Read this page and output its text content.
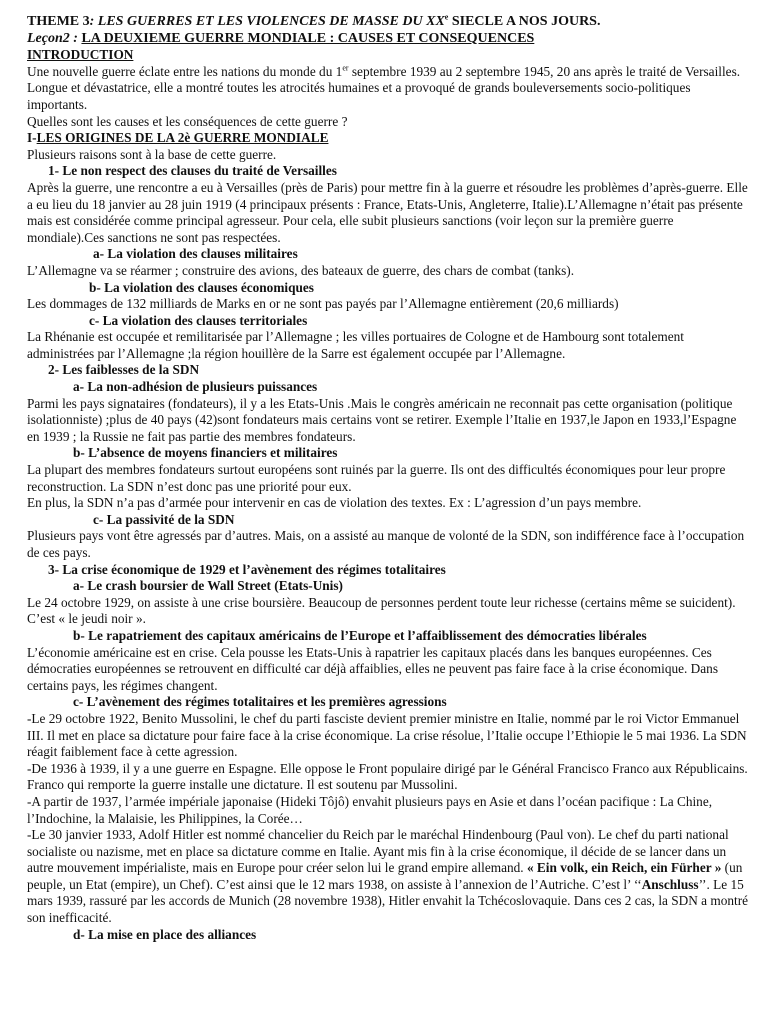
THEME 3: LES GUERRES ET LES VIOLENCES DE MASSE DU XXe SIECLE A NOS JOURS.

Leçon2 : LA DEUXIEME GUERRE MONDIALE : CAUSES ET CONSEQUENCES

INTRODUCTION

Une nouvelle guerre éclate entre les nations du monde du 1er septembre 1939 au 2 septembre 1945, 20 ans après le traité de Versailles. Longue et dévastatrice, elle a montré toutes les atrocités humaines et a provoqué de grands bouleversements socio-politiques importants.

Quelles sont les causes et les conséquences de cette guerre ?

I-LES ORIGINES DE LA 2è GUERRE MONDIALE

Plusieurs raisons sont à la base de cette guerre.

1- Le non respect des clauses du traité de Versailles

Après la guerre, une rencontre a eu à Versailles (près de Paris) pour mettre fin à la guerre et résoudre les problèmes d’après-guerre. Elle a eu lieu du 18 janvier au 28 juin 1919 (4 principaux présents : France, Etats-Unis, Angleterre, Italie).L’Allemagne n’était pas présente mais est considérée comme principal agresseur. Pour cela, elle subit plusieurs sanctions (voir leçon sur la première guerre mondiale).Ces sanctions ne sont pas respectées.

a- La violation des clauses militaires

L’Allemagne va se réarmer ; construire des avions, des bateaux de guerre, des chars de combat (tanks).

b- La violation des clauses économiques

Les dommages de 132 milliards de Marks en or ne sont pas payés par l’Allemagne entièrement (20,6 milliards)

c- La violation des clauses territoriales

La Rhénanie est occupée et remilitarisée par l’Allemagne ; les villes portuaires de Cologne et de Hambourg sont totalement administrées par l’Allemagne ;la région houillère de la Sarre est également occupée par l’Allemagne.

2- Les faiblesses de la SDN

a- La non-adhésion de plusieurs puissances

Parmi les pays signataires (fondateurs), il y a les Etats-Unis .Mais le congrès américain ne reconnait pas cette organisation (politique isolationniste) ;plus de 40 pays (42)sont fondateurs mais certains vont se retirer. Exemple l’Italie en 1937,le Japon en 1933,l’Espagne en 1939 ; la Russie ne fait pas partie des membres fondateurs.

b- L’absence de moyens financiers et militaires

La plupart des membres fondateurs surtout européens sont ruinés par la guerre. Ils ont des difficultés économiques pour leur propre reconstruction. La SDN n’est donc pas une priorité pour eux.

En plus, la SDN n’a pas d’armée pour intervenir en cas de violation des textes. Ex : L’agression d’un pays membre.

c- La passivité de la SDN

Plusieurs pays vont être agressés par d’autres. Mais, on a assisté au manque de volonté de la SDN, son indifférence face à l’occupation de ces pays.

3- La crise économique de 1929 et l’avènement des régimes totalitaires

a- Le crash boursier de Wall Street (Etats-Unis)

Le 24 octobre 1929, on assiste à une crise boursière. Beaucoup de personnes perdent toute leur richesse (certains même se suicident). C’est « le jeudi noir ».

b- Le rapatriement des capitaux américains de l’Europe et l’affaiblissement des démocraties libérales

L’économie américaine est en crise. Cela pousse les Etats-Unis à rapatrier les capitaux placés dans les banques européennes. Ces démocraties européennes se retrouvent en difficulté car déjà affaiblies, elles ne peuvent pas faire face à la crise économique. Dans certains pays, les régimes changent.

c- L’avènement des régimes totalitaires et les premières agressions

-Le 29 octobre 1922, Benito Mussolini, le chef du parti fasciste devient premier ministre en Italie, nommé par le roi Victor Emmanuel III. Il met en place sa dictature pour faire face à la crise économique. La crise résolue, l’Italie occupe l’Ethiopie le 5 mai 1936. La SDN réagit faiblement face à cette agression.

-De 1936 à 1939, il y a une guerre en Espagne. Elle oppose le Front populaire dirigé par le Général Francisco Franco aux Républicains. Franco qui remporte la guerre installe une dictature. Il est soutenu par Mussolini.

-A partir de 1937, l’armée impériale japonaise (Hideki Tôjô) envahit plusieurs pays en Asie et dans l’océan pacifique : La Chine, l’Indochine, la Malaisie, les Philippines, la Corée…

-Le 30 janvier 1933, Adolf Hitler est nommé chancelier du Reich par le maréchal Hindenbourg (Paul von). Le chef du parti national socialiste ou nazisme, met en place sa dictature comme en Italie. Ayant mis fin à la crise économique, il décide de se lancer dans un autre mouvement impérialiste, mais en Europe pour créer selon lui le grand empire allemand. « Ein volk, ein Reich, ein Fürher » (un peuple, un Etat (empire), un Chef). C’est ainsi que le 12 mars 1938, on assiste à l’annexion de l’Autriche. C’est l’ ‘‘Anschluss’’. Le 15 mars 1939, rassuré par les accords de Munich (28 novembre 1938), Hitler envahit la Tchécoslovaquie. Dans ces 2 cas, la SDN a montré son inefficacité.

d- La mise en place des alliances
